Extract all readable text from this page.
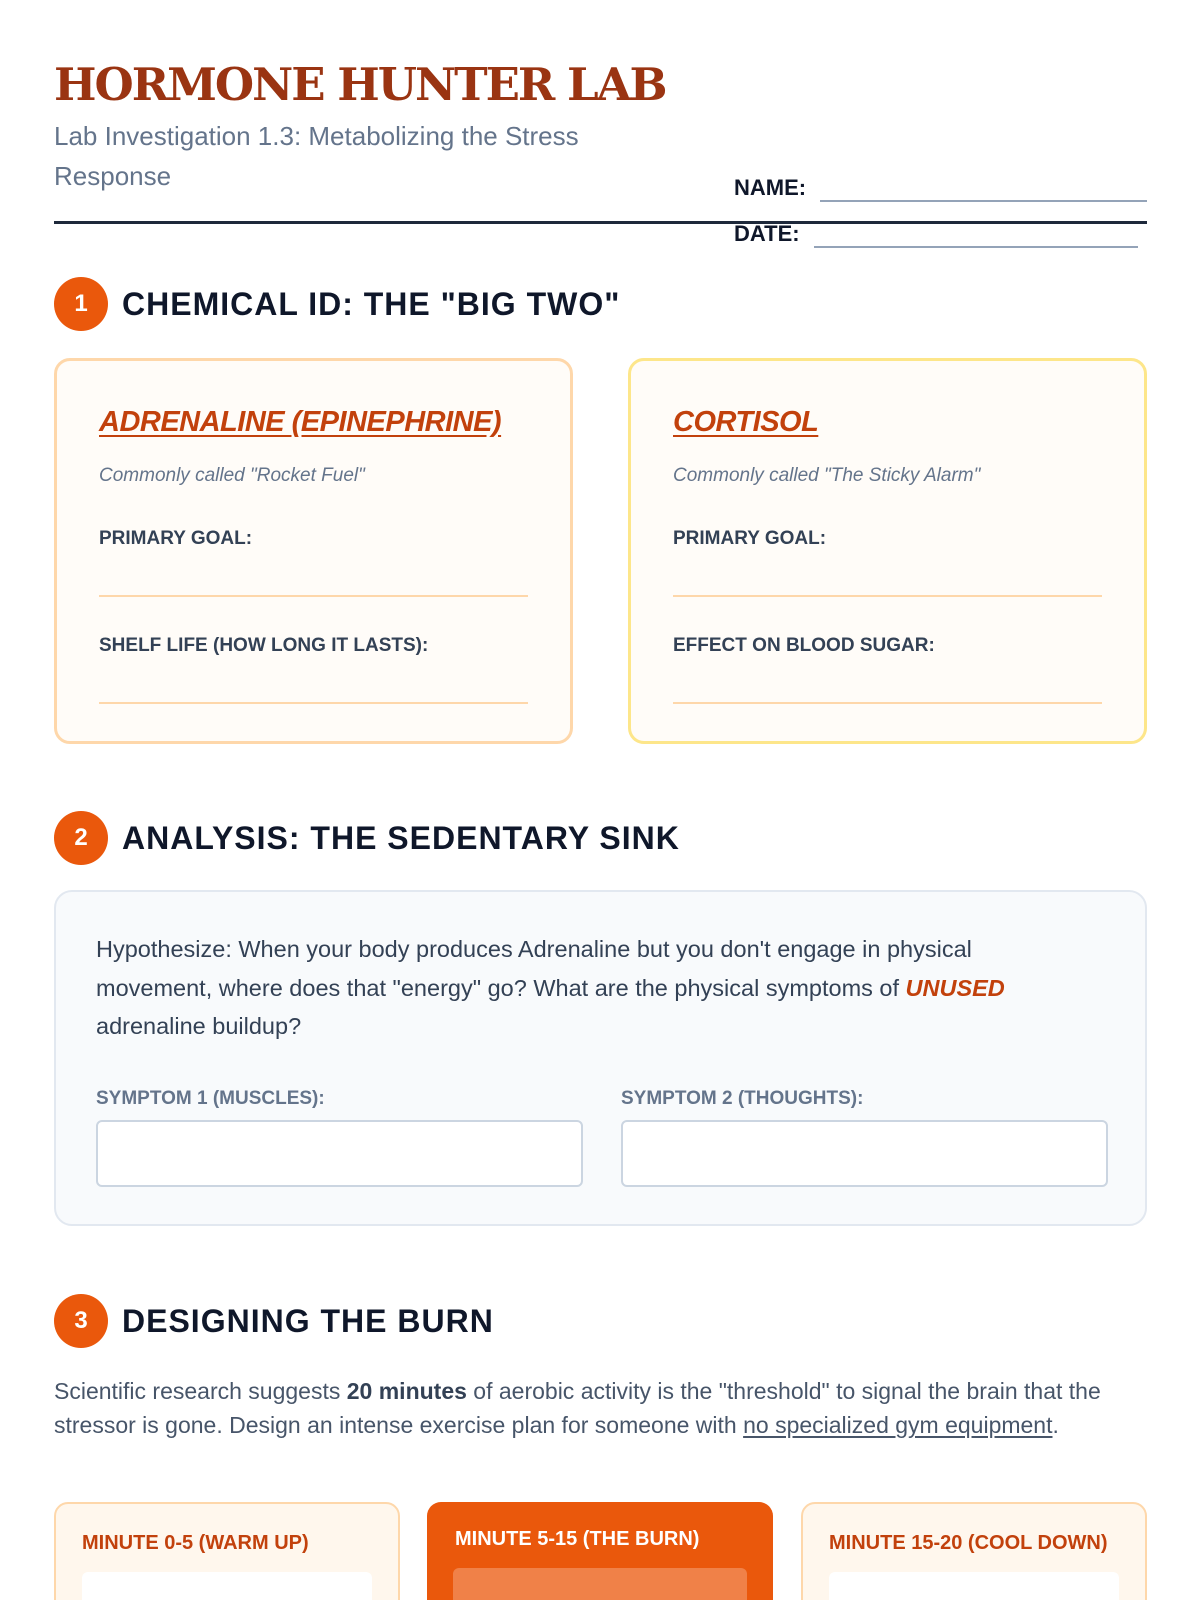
HORMONE HUNTER LAB
Lab Investigation 1.3: Metabolizing the Stress Response	NAME:
DATE:
1	CHEMICAL ID: THE "BIG TWO"
ADRENALINE (EPINEPHRINE)
Commonly called "Rocket Fuel"
PRIMARY GOAL:
SHELF LIFE (HOW LONG IT LASTS):
CORTISOL
Commonly called "The Sticky Alarm"
PRIMARY GOAL:
EFFECT ON BLOOD SUGAR:
2	ANALYSIS: THE SEDENTARY SINK
Hypothesize: When your body produces Adrenaline but you don't engage in physical movement, where does that "energy" go? What are the physical symptoms of UNUSED adrenaline buildup?
SYMPTOM 1 (MUSCLES):	SYMPTOM 2 (THOUGHTS):
3	DESIGNING THE BURN
Scientific research suggests 20 minutes of aerobic activity is the "threshold" to signal the brain that the stressor is gone. Design an intense exercise plan for someone with no specialized gym equipment.
MINUTE 0-5 (WARM UP)	MINUTE 5-15 (THE BURN)	MINUTE 15-20 (COOL DOWN)
